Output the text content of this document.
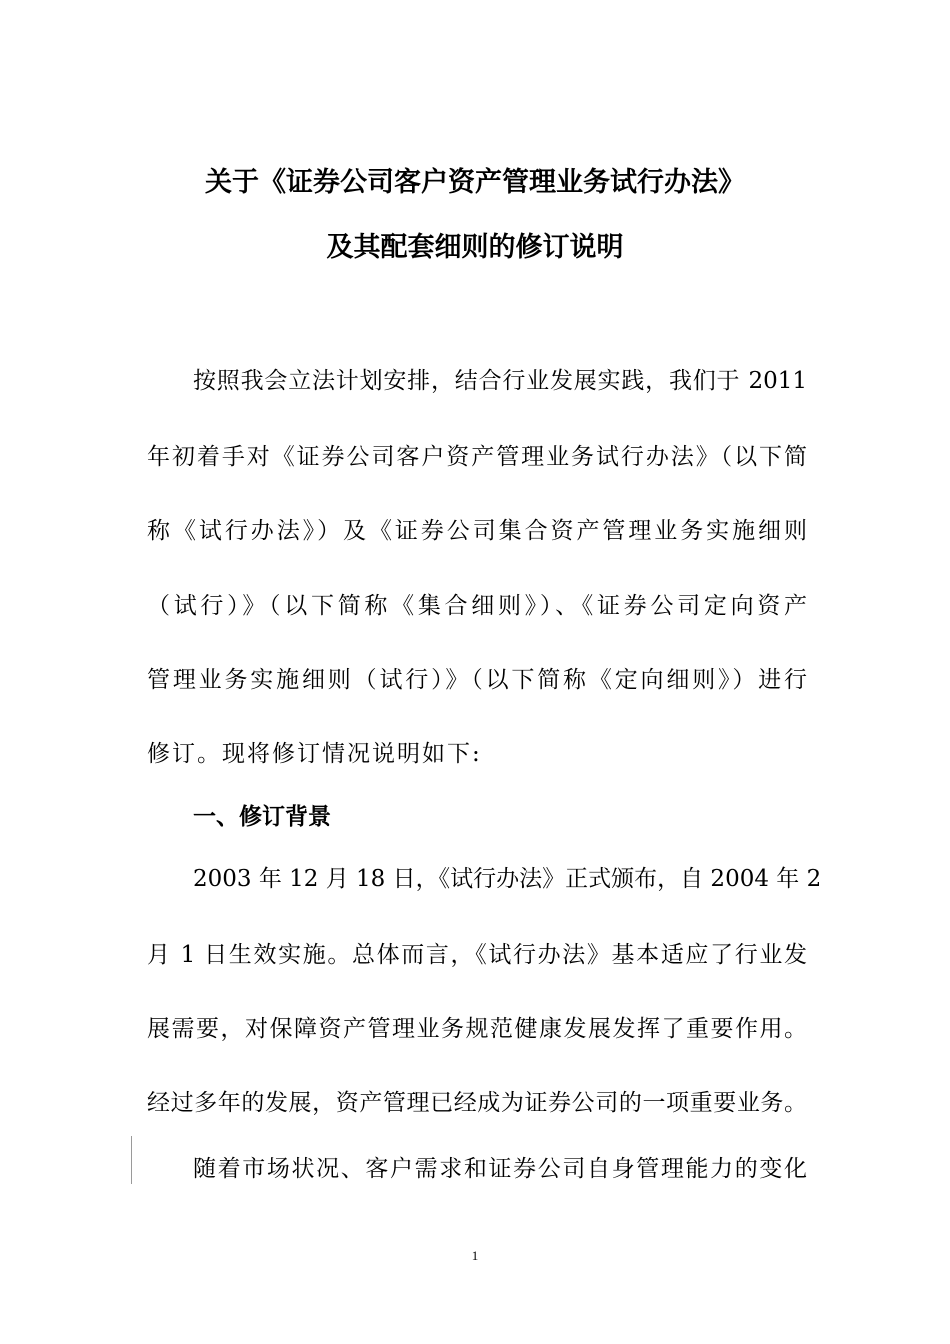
关于《证券公司客户资产管理业务试行办法》
及其配套细则的修订说明
按照我会立法计划安排，结合行业发展实践，我们于 2011
年初着手对《证券公司客户资产管理业务试行办法》（以下简
称《试行办法》）及《证券公司集合资产管理业务实施细则
（试行）》（以下简称《集合细则》）、《证券公司定向资产
管理业务实施细则（试行）》（以下简称《定向细则》）进行
修订。现将修订情况说明如下:
一、修订背景
2003 年 12 月 18 日，《试行办法》正式颁布，自 2004 年 2
月 1 日生效实施。总体而言，《试行办法》基本适应了行业发
展需要，对保障资产管理业务规范健康发展发挥了重要作用。
经过多年的发展，资产管理已经成为证券公司的一项重要业务。
随着市场状况、客户需求和证券公司自身管理能力的变化
1
